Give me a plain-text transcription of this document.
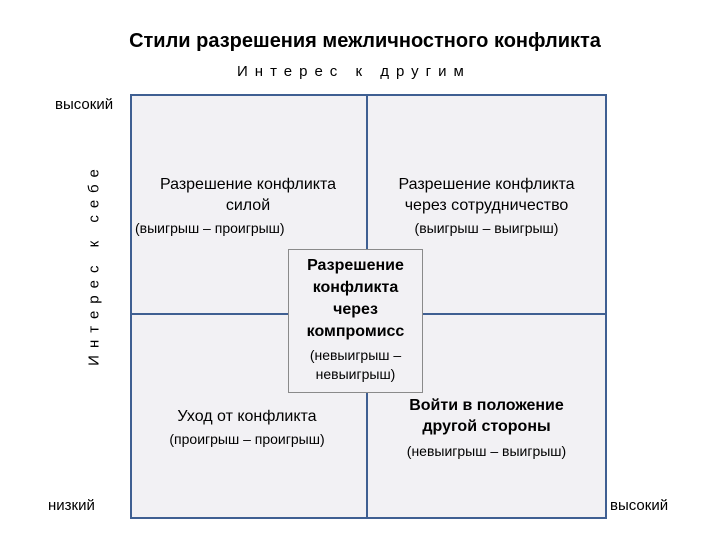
Стили разрешения межличностного конфликта
Интерес к другим
Интерес к себе
высокий
низкий	высокий
Разрешение конфликта
силой
(выигрыш – проигрыш)
Разрешение конфликта
через сотрудничество
(выигрыш – выигрыш)
Уход от конфликта
(проигрыш – проигрыш)
Войти в положение
другой стороны
(невыигрыш – выигрыш)
Разрешение
конфликта
через
компромисс
(невыигрыш –
невыигрыш)
